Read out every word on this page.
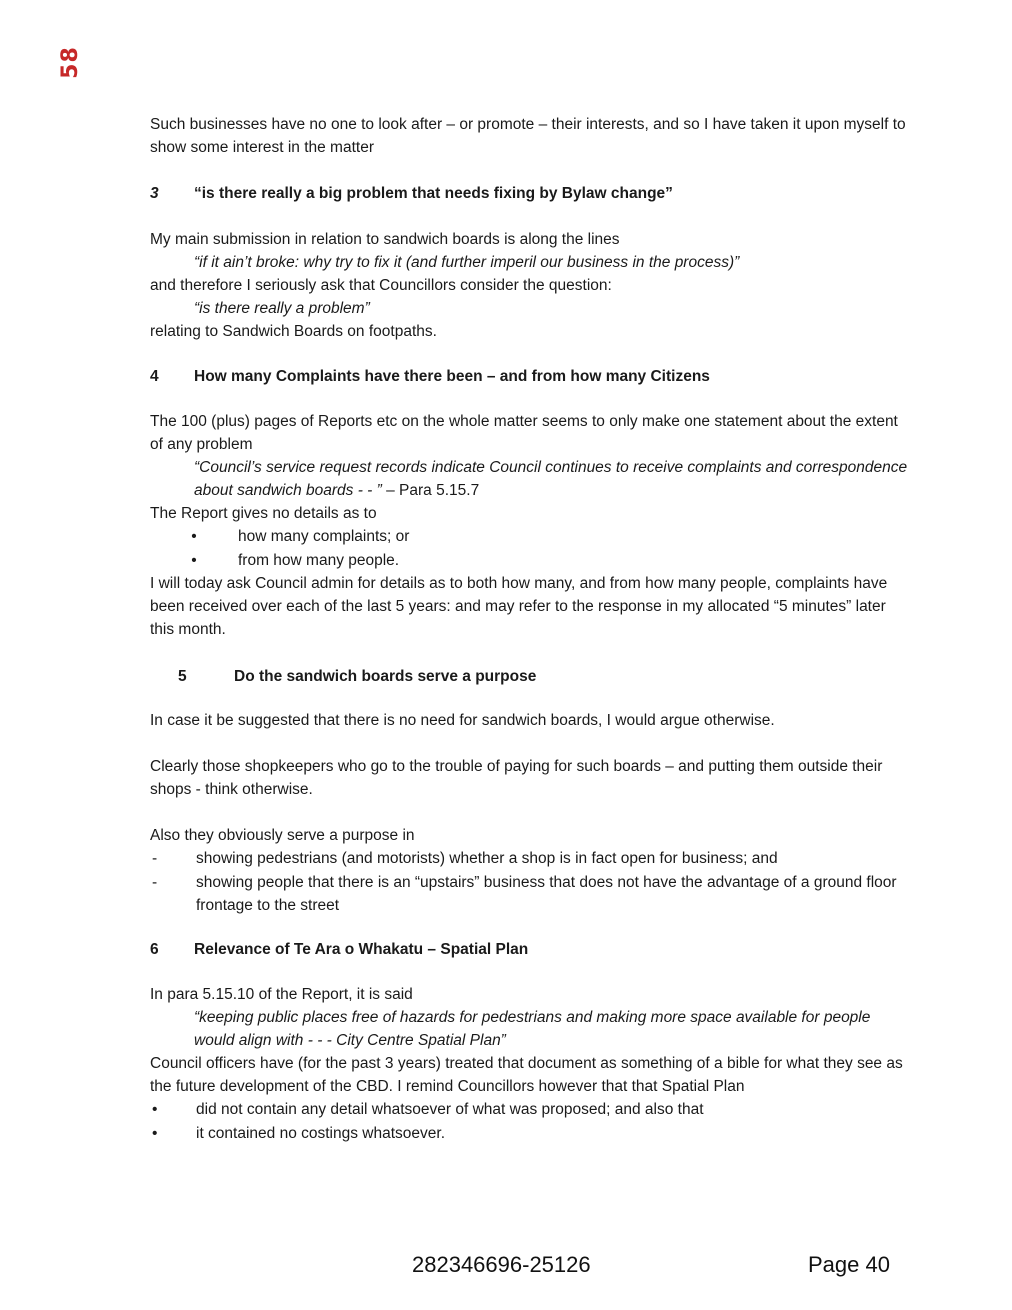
58

Such businesses have no one to look after – or promote – their interests, and so I have taken it upon myself to show some interest in the matter

3	“is there really a big problem that needs fixing by Bylaw change”

My main submission in relation to sandwich boards is along the lines

“if it ain’t broke: why try to fix it (and further imperil our business in the process)”

and therefore I seriously ask that Councillors consider the question:

“is there really a problem”

relating to Sandwich Boards on footpaths.

4	How many Complaints have there been – and from how many Citizens

The 100 (plus) pages of Reports etc on the whole matter seems to only make one statement about the extent of any problem

“Council’s service request records indicate Council continues to receive complaints and correspondence about sandwich boards - - ” – Para 5.15.7

The Report gives no details as to

•	how many complaints; or
•	from how many people.

I will today ask Council admin for details as to both how many, and from how many people, complaints have been received over each of the last 5 years: and may refer to the response in my allocated “5 minutes” later this month.

5	Do the sandwich boards serve a purpose

In case it be suggested that there is no need for sandwich boards, I would argue otherwise.

Clearly those shopkeepers who go to the trouble of paying for such boards – and putting them outside their shops - think otherwise.

Also they obviously serve a purpose in

-	showing pedestrians (and motorists) whether a shop is in fact open for business; and
-	showing people that there is an “upstairs” business that does not have the advantage of a ground floor frontage to the street
6	Relevance of Te Ara o Whakatu – Spatial Plan

In para 5.15.10 of the Report, it is said

“keeping public places free of hazards for pedestrians and making more space available for people would align with - - - City Centre Spatial Plan”

Council officers have (for the past 3 years) treated that document as something of a bible for what they see as the future development of the CBD. I remind Councillors however that that Spatial Plan

•	did not contain any detail whatsoever of what was proposed; and also that
•	it contained no costings whatsoever.
282346696-25126	Page 40
